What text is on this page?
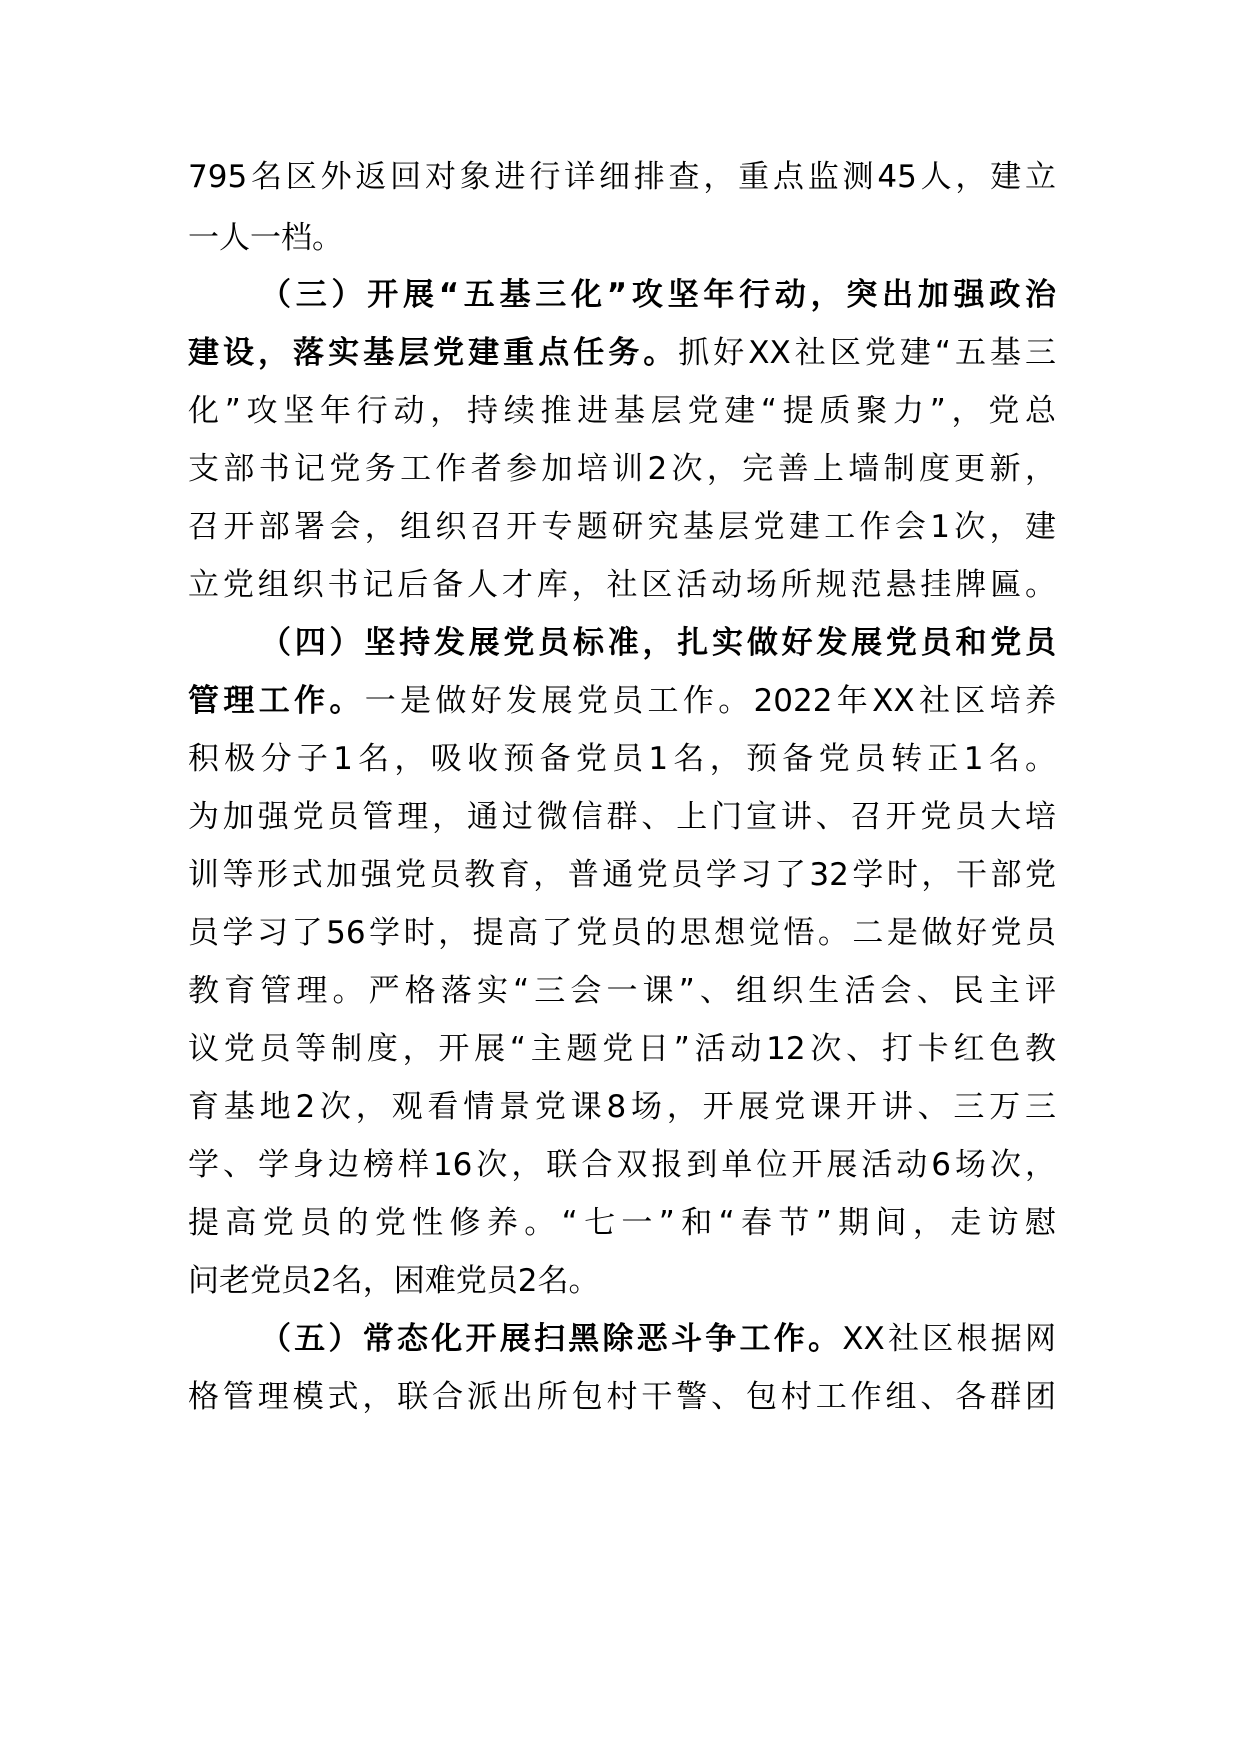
795名区外返回对象进行详细排查，重点监测45人，建立
一人一档。
（三）开展“五基三化”攻坚年行动，突出加强政治
建设，落实基层党建重点任务。抓好XX社区党建“五基三
化”攻坚年行动，持续推进基层党建“提质聚力”，党总
支部书记党务工作者参加培训2次，完善上墙制度更新，
召开部署会，组织召开专题研究基层党建工作会1次，建
立党组织书记后备人才库，社区活动场所规范悬挂牌匾。
（四）坚持发展党员标准，扎实做好发展党员和党员
管理工作。一是做好发展党员工作。2022年XX社区培养
积极分子1名，吸收预备党员1名，预备党员转正1名。
为加强党员管理，通过微信群、上门宣讲、召开党员大培
训等形式加强党员教育，普通党员学习了32学时，干部党
员学习了56学时，提高了党员的思想觉悟。二是做好党员
教育管理。严格落实“三会一课”、组织生活会、民主评
议党员等制度，开展“主题党日”活动12次、打卡红色教
育基地2次，观看情景党课8场，开展党课开讲、三万三
学、学身边榜样16次，联合双报到单位开展活动6场次，
提高党员的党性修养。“七一”和“春节”期间，走访慰
问老党员2名，困难党员2名。
（五）常态化开展扫黑除恶斗争工作。XX社区根据网
格管理模式，联合派出所包村干警、包村工作组、各群团
